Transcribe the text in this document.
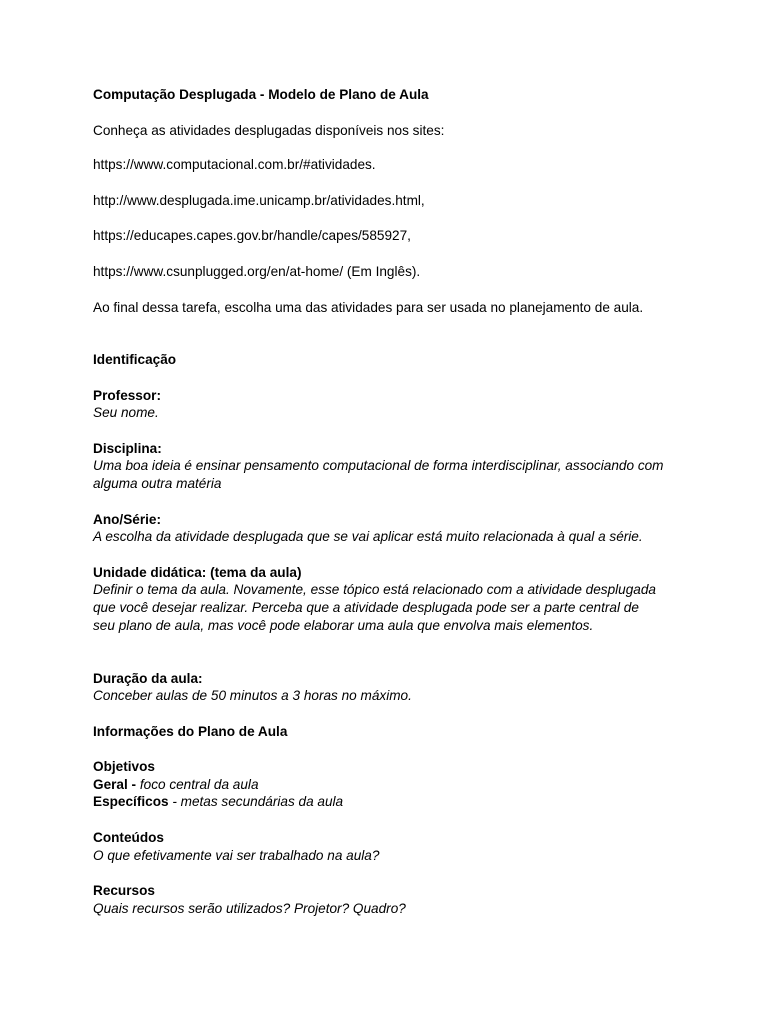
Computação Desplugada - Modelo de Plano de Aula
Conheça as atividades desplugadas disponíveis nos sites:
https://www.computacional.com.br/#atividades.
http://www.desplugada.ime.unicamp.br/atividades.html,
https://educapes.capes.gov.br/handle/capes/585927,
https://www.csunplugged.org/en/at-home/ (Em Inglês).
Ao final dessa tarefa, escolha uma das atividades para ser usada no planejamento de aula.
Identificação
Professor:
Seu nome.
Disciplina:
Uma boa ideia é ensinar pensamento computacional de forma interdisciplinar, associando com alguma outra matéria
Ano/Série:
A escolha da atividade desplugada que se vai aplicar está muito relacionada à qual a série.
Unidade didática: (tema da aula)
Definir o tema da aula. Novamente, esse tópico está relacionado com a atividade desplugada que você desejar realizar. Perceba que a atividade desplugada pode ser a parte central de seu plano de aula, mas você pode elaborar uma aula que envolva mais elementos.
Duração da aula:
Conceber aulas de 50 minutos a 3 horas no máximo.
Informações do Plano de Aula
Objetivos
Geral - foco central da aula
Específicos - metas secundárias da aula
Conteúdos
O que efetivamente vai ser trabalhado na aula?
Recursos
Quais recursos serão utilizados? Projetor? Quadro?
